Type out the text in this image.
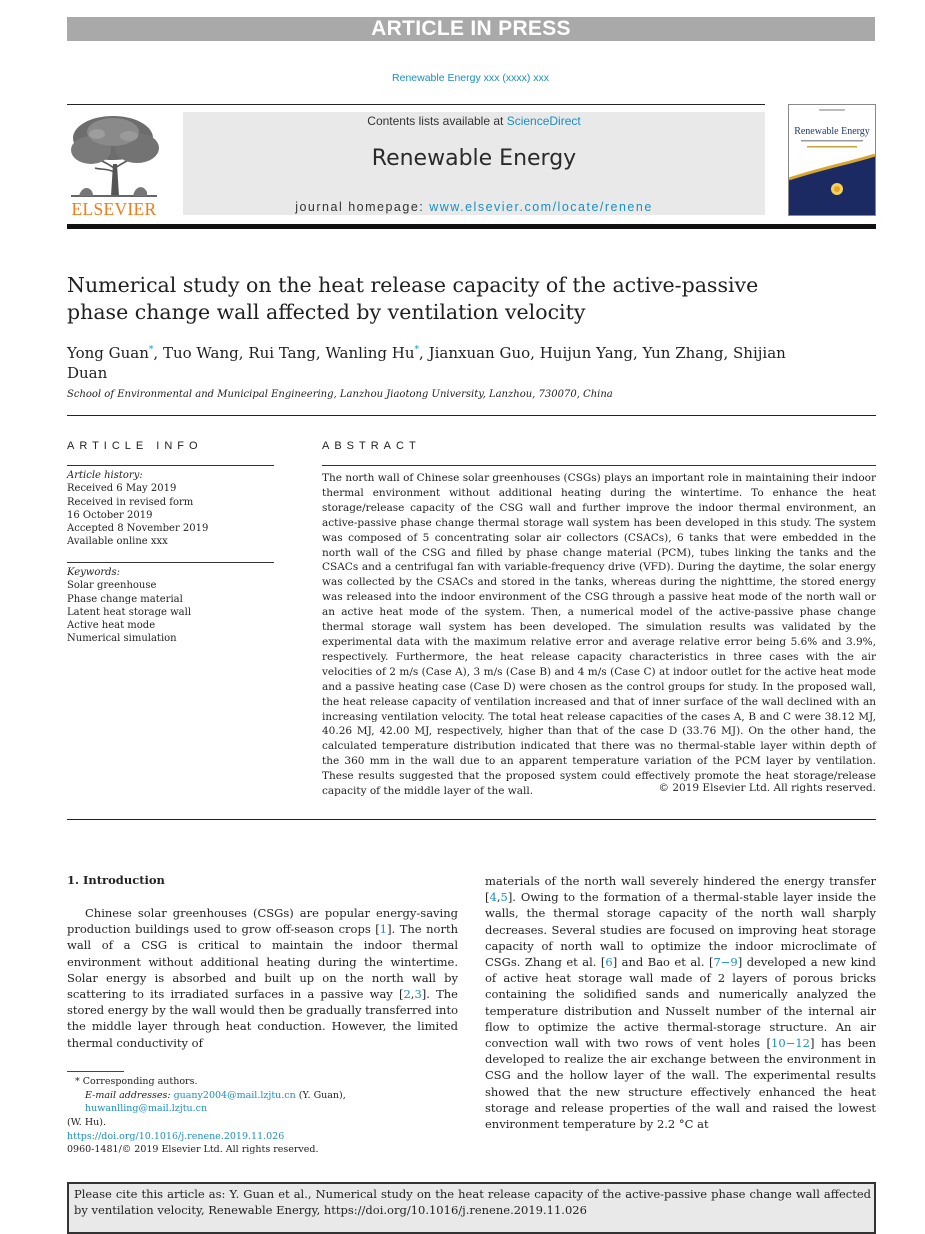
ARTICLE IN PRESS
Renewable Energy xxx (xxxx) xxx
ELSEVIER
Contents lists available at ScienceDirect
Renewable Energy
journal homepage: www.elsevier.com/locate/renene
Renewable Energy
Numerical study on the heat release capacity of the active-passive phase change wall affected by ventilation velocity
Yong Guan*, Tuo Wang, Rui Tang, Wanling Hu*, Jianxuan Guo, Huijun Yang, Yun Zhang, Shijian Duan
School of Environmental and Municipal Engineering, Lanzhou Jiaotong University, Lanzhou, 730070, China
ARTICLE INFO
Article history:
Received 6 May 2019
Received in revised form
16 October 2019
Accepted 8 November 2019
Available online xxx
Keywords:
Solar greenhouse
Phase change material
Latent heat storage wall
Active heat mode
Numerical simulation
ABSTRACT
The north wall of Chinese solar greenhouses (CSGs) plays an important role in maintaining their indoor thermal environment without additional heating during the wintertime. To enhance the heat storage/release capacity of the CSG wall and further improve the indoor thermal environment, an active-passive phase change thermal storage wall system has been developed in this study. The system was composed of 5 concentrating solar air collectors (CSACs), 6 tanks that were embedded in the north wall of the CSG and filled by phase change material (PCM), tubes linking the tanks and the CSACs and a centrifugal fan with variable-frequency drive (VFD). During the daytime, the solar energy was collected by the CSACs and stored in the tanks, whereas during the nighttime, the stored energy was released into the indoor environment of the CSG through a passive heat mode of the north wall or an active heat mode of the system. Then, a numerical model of the active-passive phase change thermal storage wall system has been developed. The simulation results was validated by the experimental data with the maximum relative error and average relative error being 5.6% and 3.9%, respectively. Furthermore, the heat release capacity characteristics in three cases with the air velocities of 2 m/s (Case A), 3 m/s (Case B) and 4 m/s (Case C) at indoor outlet for the active heat mode and a passive heating case (Case D) were chosen as the control groups for study. In the proposed wall, the heat release capacity of ventilation increased and that of inner surface of the wall declined with an increasing ventilation velocity. The total heat release capacities of the cases A, B and C were 38.12 MJ, 40.26 MJ, 42.00 MJ, respectively, higher than that of the case D (33.76 MJ). On the other hand, the calculated temperature distribution indicated that there was no thermal-stable layer within depth of the 360 mm in the wall due to an apparent temperature variation of the PCM layer by ventilation. These results suggested that the proposed system could effectively promote the heat storage/release capacity of the middle layer of the wall.	© 2019 Elsevier Ltd. All rights reserved.
1. Introduction
Chinese solar greenhouses (CSGs) are popular energy-saving production buildings used to grow off-season crops [1]. The north wall of a CSG is critical to maintain the indoor thermal environment without additional heating during the wintertime. Solar energy is absorbed and built up on the north wall by scattering to its irradiated surfaces in a passive way [2,3]. The stored energy by the wall would then be gradually transferred into the middle layer through heat conduction. However, the limited thermal conductivity of
materials of the north wall severely hindered the energy transfer [4,5]. Owing to the formation of a thermal-stable layer inside the walls, the thermal storage capacity of the north wall sharply decreases. Several studies are focused on improving heat storage capacity of north wall to optimize the indoor microclimate of CSGs. Zhang et al. [6] and Bao et al. [7−9] developed a new kind of active heat storage wall made of 2 layers of porous bricks containing the solidified sands and numerically analyzed the temperature distribution and Nusselt number of the internal air flow to optimize the active thermal-storage structure. An air convection wall with two rows of vent holes [10−12] has been developed to realize the air exchange between the environment in CSG and the hollow layer of the wall. The experimental results showed that the new structure effectively enhanced the heat storage and release properties of the wall and raised the lowest environment temperature by 2.2 °C at
* Corresponding authors.
E-mail addresses: guany2004@mail.lzjtu.cn (Y. Guan), huwanlling@mail.lzjtu.cn
(W. Hu).
https://doi.org/10.1016/j.renene.2019.11.026
0960-1481/© 2019 Elsevier Ltd. All rights reserved.
Please cite this article as: Y. Guan et al., Numerical study on the heat release capacity of the active-passive phase change wall affected by ventilation velocity, Renewable Energy, https://doi.org/10.1016/j.renene.2019.11.026
